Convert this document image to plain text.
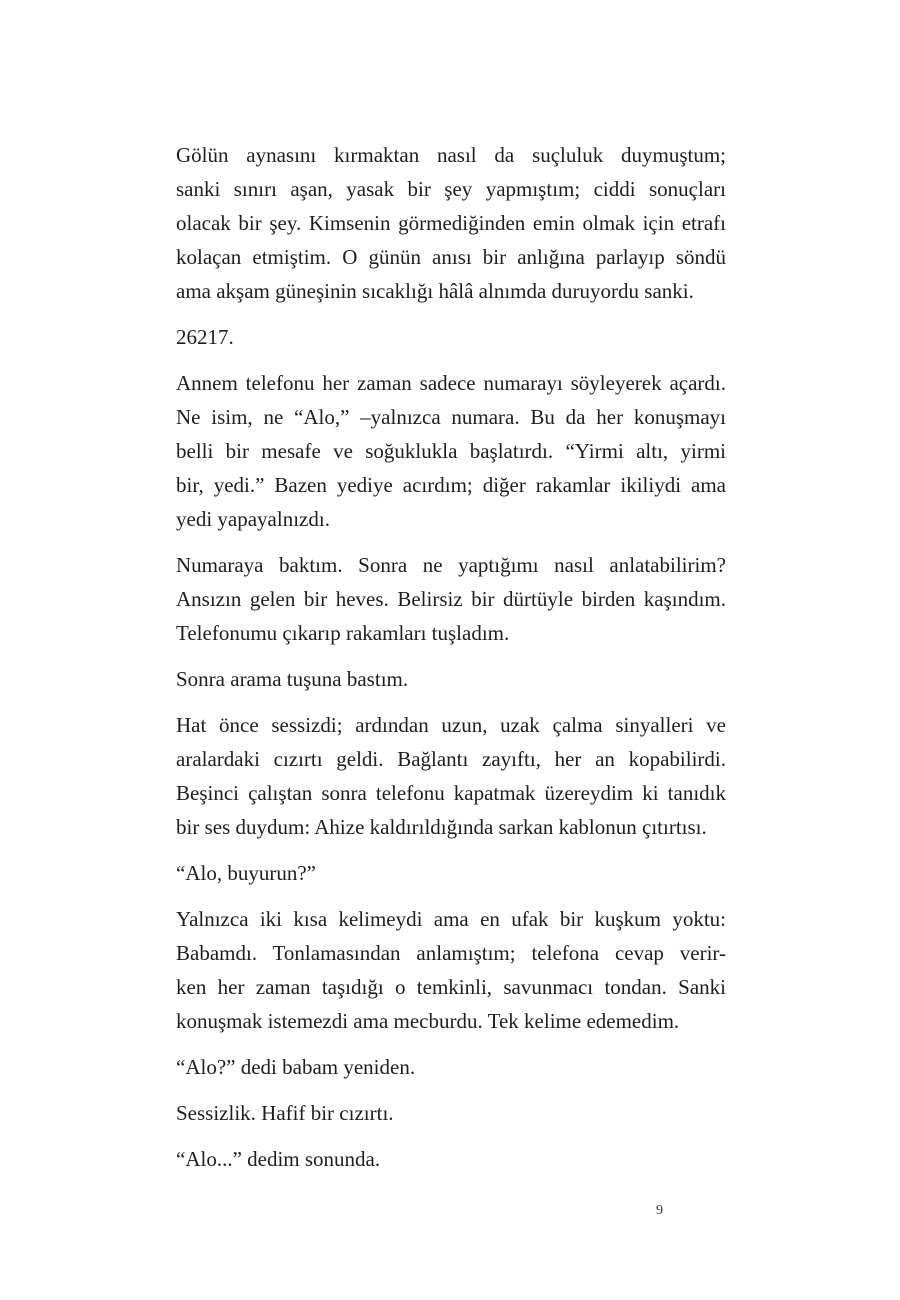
Gölün aynasını kırmaktan nasıl da suçluluk duymuştum;
sanki sınırı aşan, yasak bir şey yapmıştım; ciddi sonuçları
olacak bir şey. Kimsenin görmediğinden emin olmak için etrafı
kolaçan etmiştim. O günün anısı bir anlığına parlayıp söndü
ama akşam güneşinin sıcaklığı hâlâ alnımda duruyordu sanki.

26217.

Annem telefonu her zaman sadece numarayı söyleyerek açardı.
Ne isim, ne “Alo,” –yalnızca numara. Bu da her konuşmayı
belli bir mesafe ve soğuklukla başlatırdı. “Yirmi altı, yirmi
bir, yedi.” Bazen yediye acırdım; diğer rakamlar ikiliydi ama
yedi yapayalnızdı.

Numaraya baktım. Sonra ne yaptığımı nasıl anlatabilirim?
Ansızın gelen bir heves. Belirsiz bir dürtüyle birden kaşındım.
Telefonumu çıkarıp rakamları tuşladım.

Sonra arama tuşuna bastım.

Hat önce sessizdi; ardından uzun, uzak çalma sinyalleri ve
aralardaki cızırtı geldi. Bağlantı zayıftı, her an kopabilirdi.
Beşinci çalıştan sonra telefonu kapatmak üzereydim ki tanıdık
bir ses duydum: Ahize kaldırıldığında sarkan kablonun çıtırtısı.

“Alo, buyurun?”

Yalnızca iki kısa kelimeydi ama en ufak bir kuşkum yoktu:
Babamdı. Tonlamasından anlamıştım; telefona cevap verir-
ken her zaman taşıdığı o temkinli, savunmacı tondan. Sanki
konuşmak istemezdi ama mecburdu. Tek kelime edemedim.

“Alo?” dedi babam yeniden.

Sessizlik. Hafif bir cızırtı.

“Alo...” dedim sonunda.

9
